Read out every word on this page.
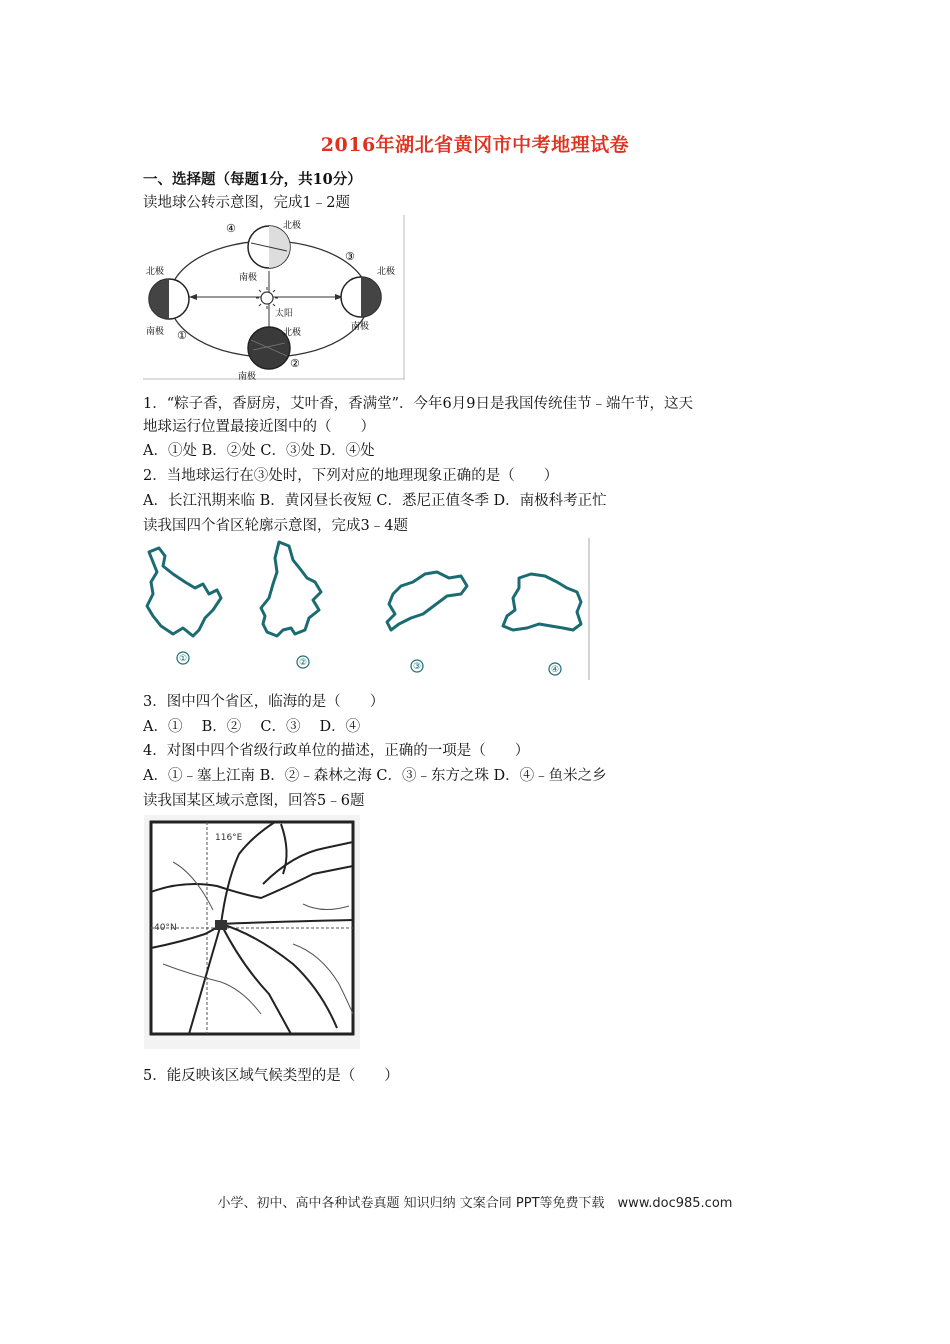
2016年湖北省黄冈市中考地理试卷
一、选择题（每题1分，共10分）
读地球公转示意图，完成1﹣2题
太阳
④	北极
南极
北极
南极 ①
③
北极
南极
北极
②
南极
1．“粽子香，香厨房，艾叶香，香满堂”．今年6月9日是我国传统佳节﹣端午节，这天
地球运行位置最接近图中的（　　）
A．①处 B．②处 C．③处 D．④处
2．当地球运行在③处时，下列对应的地理现象正确的是（　　）
A．长江汛期来临 B．黄冈昼长夜短 C．悉尼正值冬季 D．南极科考正忙
读我国四个省区轮廓示意图，完成3﹣4题
①	②	③	④
3．图中四个省区，临海的是（　　）
A．①　 B．②　 C．③　 D．④
4．对图中四个省级行政单位的描述，正确的一项是（　　）
A．①﹣塞上江南 B．②﹣森林之海 C．③﹣东方之珠 D．④﹣鱼米之乡
读我国某区域示意图，回答5﹣6题
116°E
40°N
5．能反映该区域气候类型的是（　　）
小学、初中、高中各种试卷真题 知识归纳 文案合同 PPT等免费下载　www.doc985.com
